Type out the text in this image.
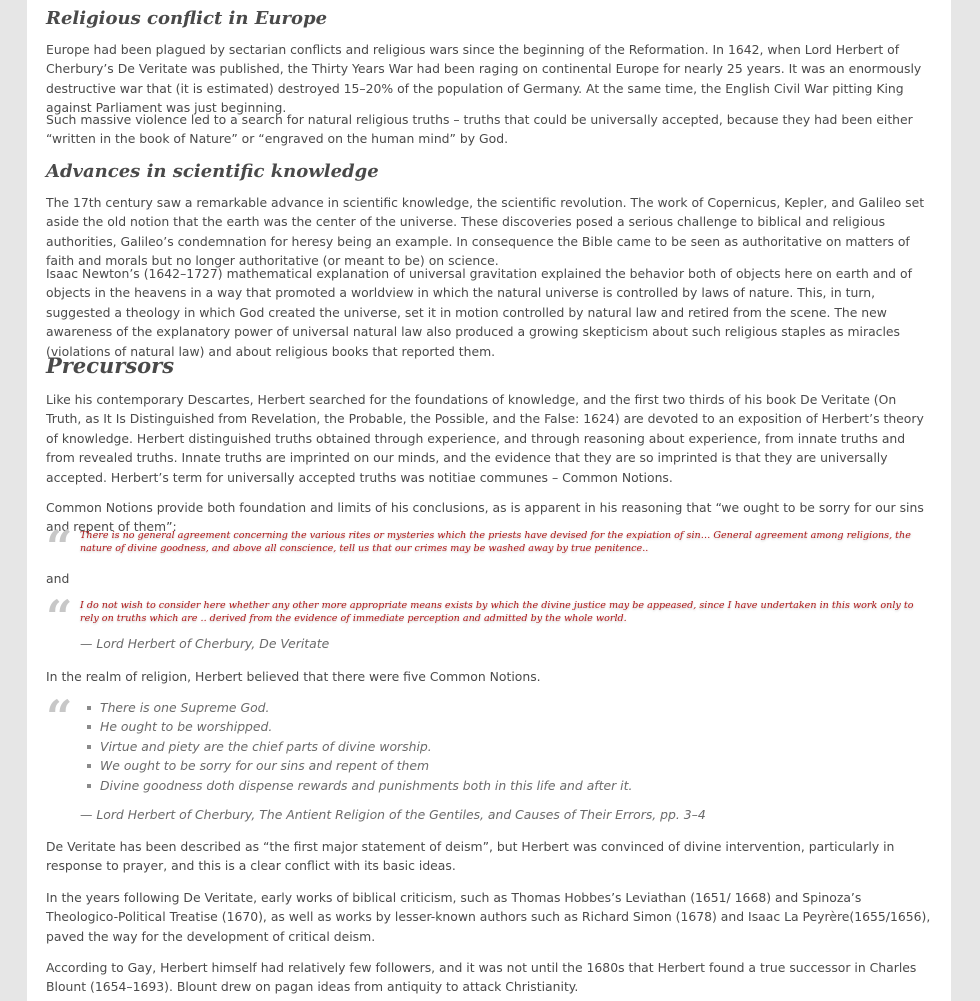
Religious conflict in Europe

Europe had been plagued by sectarian conflicts and religious wars since the beginning of the Reformation. In 1642, when Lord Herbert of Cherbury’s De Veritate was published, the Thirty Years War had been raging on continental Europe for nearly 25 years. It was an enormously destructive war that (it is estimated) destroyed 15–20% of the population of Germany. At the same time, the English Civil War pitting King against Parliament was just beginning.

Such massive violence led to a search for natural religious truths – truths that could be universally accepted, because they had been either “written in the book of Nature” or “engraved on the human mind” by God.

Advances in scientific knowledge

The 17th century saw a remarkable advance in scientific knowledge, the scientific revolution. The work of Copernicus, Kepler, and Galileo set aside the old notion that the earth was the center of the universe. These discoveries posed a serious challenge to biblical and religious authorities, Galileo’s condemnation for heresy being an example. In consequence the Bible came to be seen as authoritative on matters of faith and morals but no longer authoritative (or meant to be) on science.

Isaac Newton’s (1642–1727) mathematical explanation of universal gravitation explained the behavior both of objects here on earth and of objects in the heavens in a way that promoted a worldview in which the natural universe is controlled by laws of nature. This, in turn, suggested a theology in which God created the universe, set it in motion controlled by natural law and retired from the scene. The new awareness of the explanatory power of universal natural law also produced a growing skepticism about such religious staples as miracles (violations of natural law) and about religious books that reported them.

Precursors

Like his contemporary Descartes, Herbert searched for the foundations of knowledge, and the first two thirds of his book De Veritate (On Truth, as It Is Distinguished from Revelation, the Probable, the Possible, and the False: 1624) are devoted to an exposition of Herbert’s theory of knowledge. Herbert distinguished truths obtained through experience, and through reasoning about experience, from innate truths and from revealed truths. Innate truths are imprinted on our minds, and the evidence that they are so imprinted is that they are universally accepted. Herbert’s term for universally accepted truths was notitiae communes – Common Notions.

Common Notions provide both foundation and limits of his conclusions, as is apparent in his reasoning that “we ought to be sorry for our sins and repent of them”:

“ There is no general agreement concerning the various rites or mysteries which the priests have devised for the expiation of sin… General agreement among religions, the nature of divine goodness, and above all conscience, tell us that our crimes may be washed away by true penitence..

and

“ I do not wish to consider here whether any other more appropriate means exists by which the divine justice may be appeased, since I have undertaken in this work only to rely on truths which are .. derived from the evidence of immediate perception and admitted by the whole world.
— Lord Herbert of Cherbury, De Veritate

In the realm of religion, Herbert believed that there were five Common Notions.

“ There is one Supreme God.
He ought to be worshipped.
Virtue and piety are the chief parts of divine worship.
We ought to be sorry for our sins and repent of them
Divine goodness doth dispense rewards and punishments both in this life and after it.
— Lord Herbert of Cherbury, The Antient Religion of the Gentiles, and Causes of Their Errors, pp. 3–4

De Veritate has been described as “the first major statement of deism”, but Herbert was convinced of divine intervention, particularly in response to prayer, and this is a clear conflict with its basic ideas.

In the years following De Veritate, early works of biblical criticism, such as Thomas Hobbes’s Leviathan (1651/ 1668) and Spinoza’s Theologico-Political Treatise (1670), as well as works by lesser-known authors such as Richard Simon (1678) and Isaac La Peyrère(1655/1656), paved the way for the development of critical deism.

According to Gay, Herbert himself had relatively few followers, and it was not until the 1680s that Herbert found a true successor in Charles Blount (1654–1693). Blount drew on pagan ideas from antiquity to attack Christianity.
